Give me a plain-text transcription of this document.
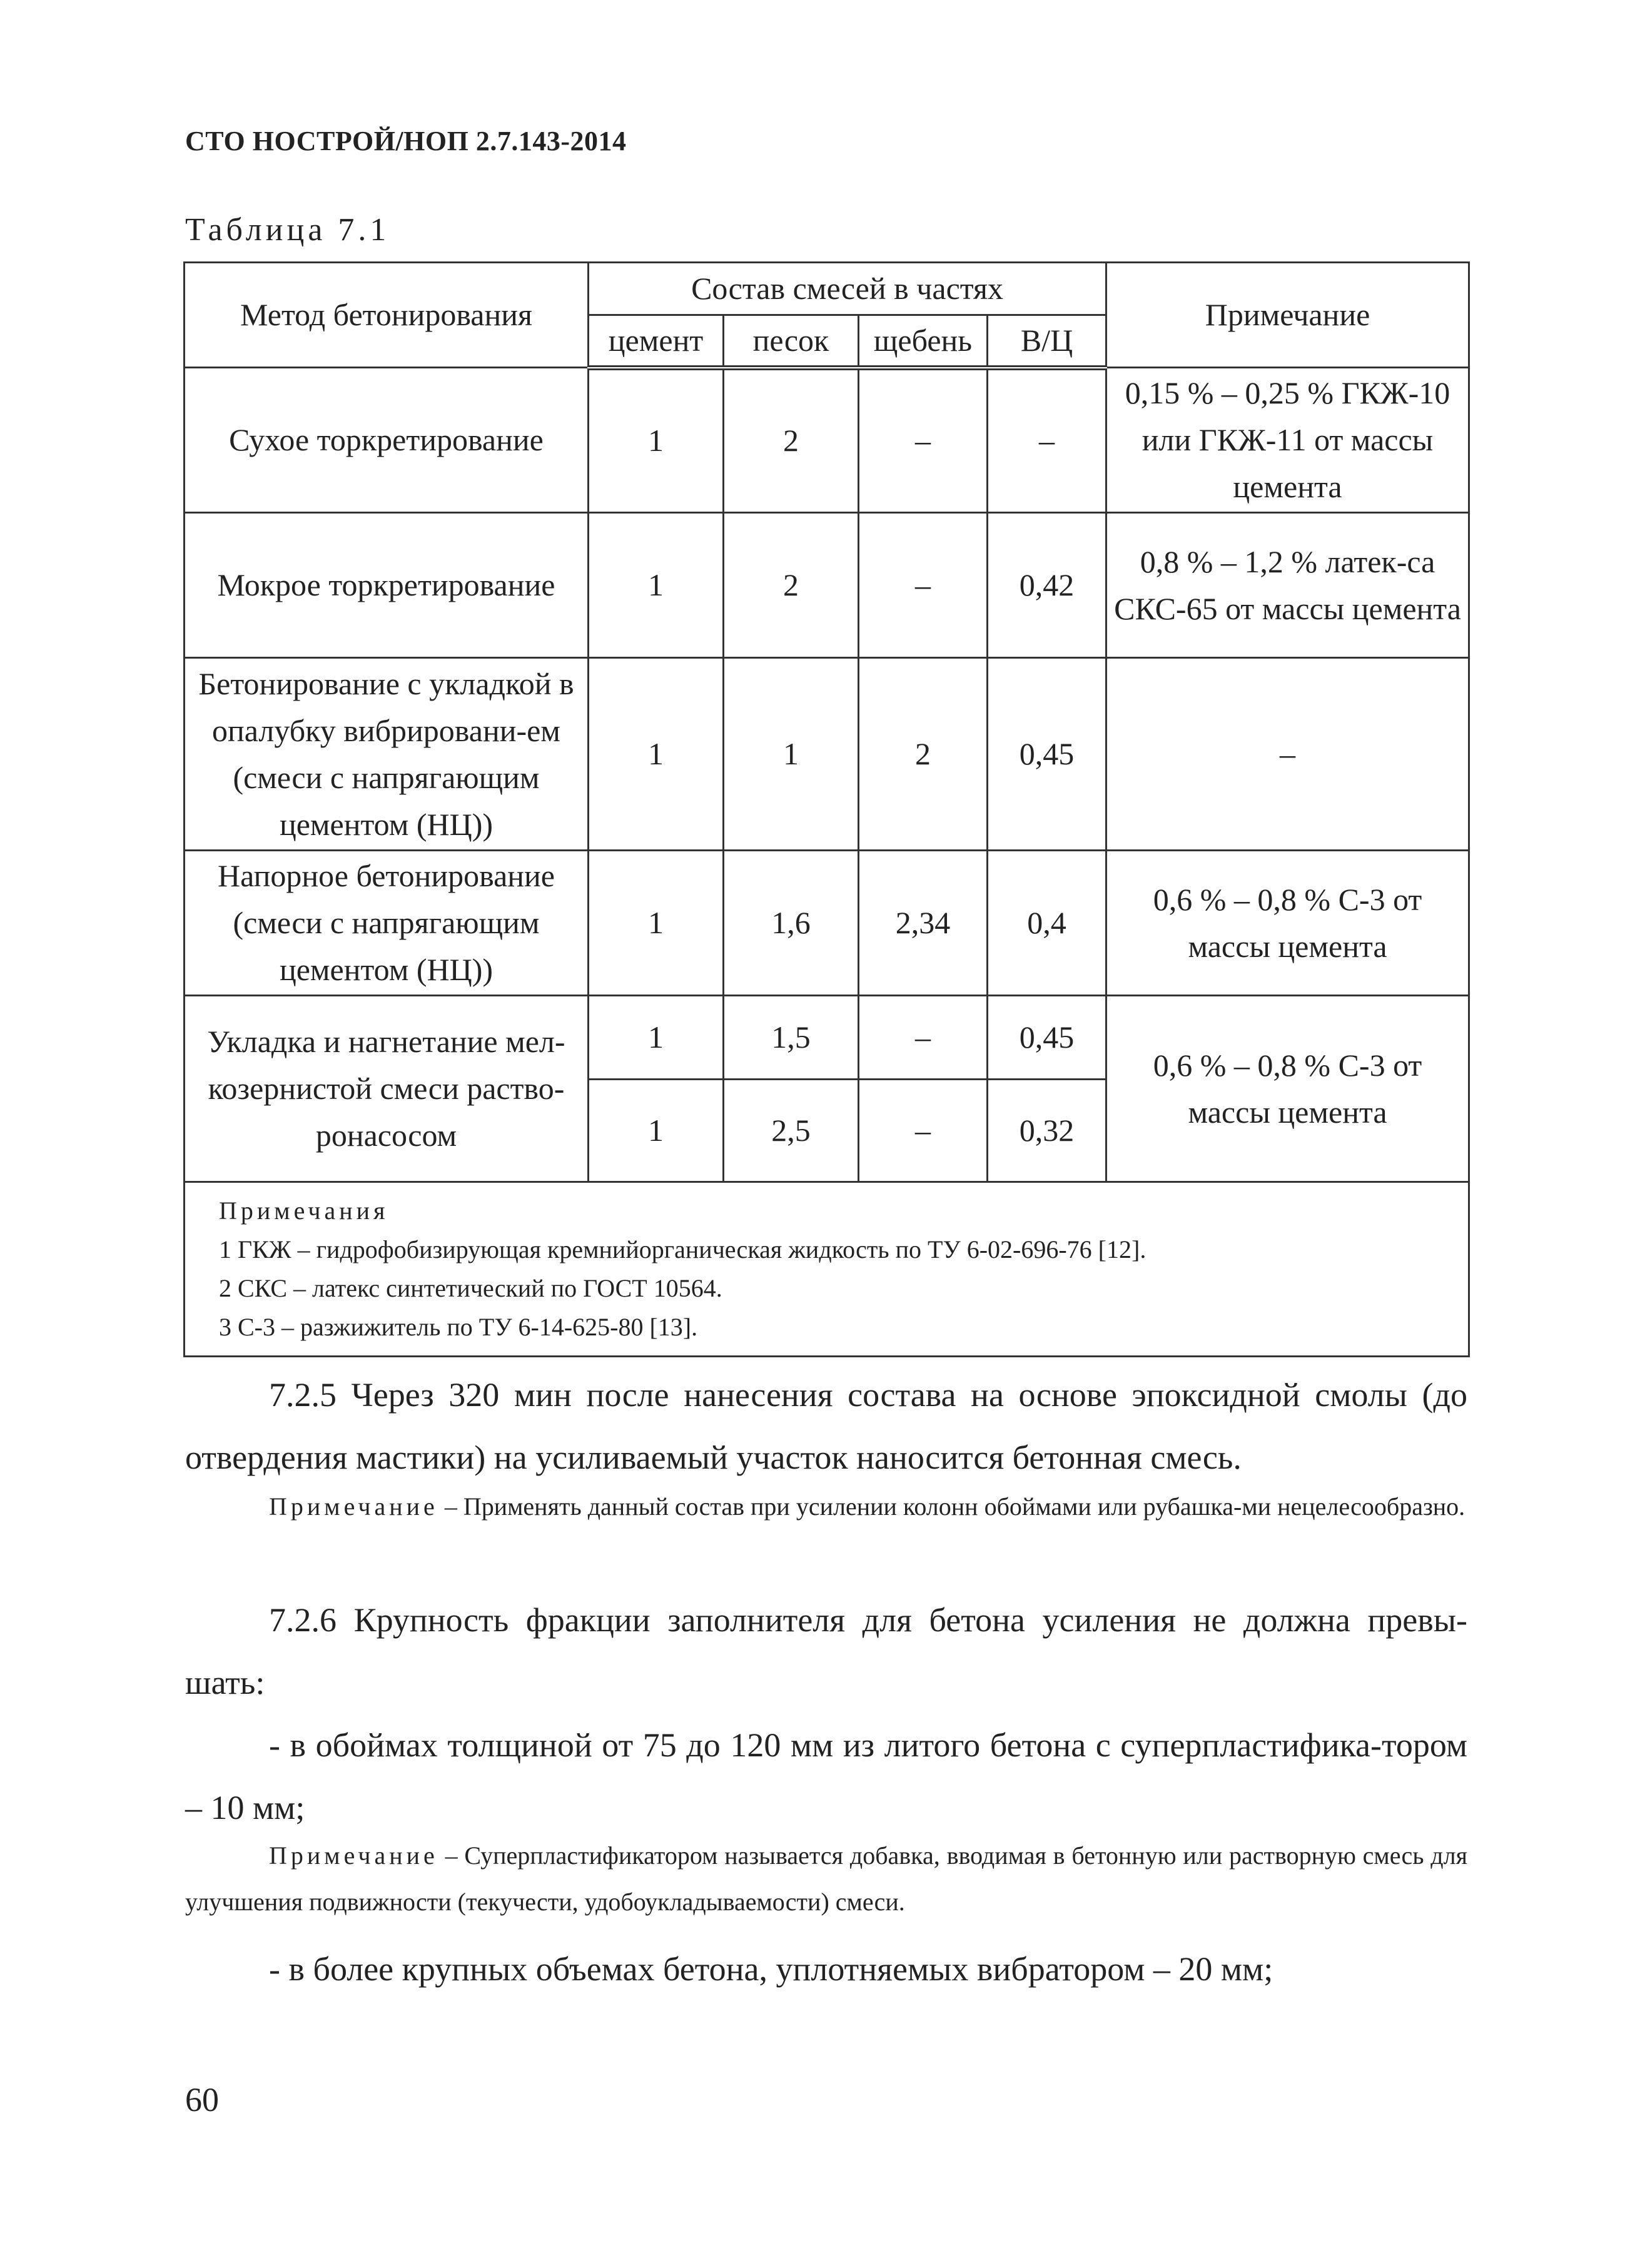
СТО НОСТРОЙ/НОП 2.7.143-2014
Таблица 7.1
Метод бетонирования	Состав смесей в частях				Примечание
	цемент	песок	щебень	В/Ц	
Сухое торкретирование	1	2	–	–	0,15 % – 0,25 % ГКЖ-10 или ГКЖ-11 от массы цемента
Мокрое торкретирование	1	2	–	0,42	0,8 % – 1,2 % латек-са СКС-65 от массы цемента
Бетонирование с укладкой в опалубку вибрировани-ем (смеси с напрягающим цементом (НЦ))	1	1	2	0,45	–
Напорное бетонирование (смеси с напрягающим цементом (НЦ))	1	1,6	2,34	0,4	0,6 % – 0,8 % С-3 от массы цемента
Укладка и нагнетание мел-козернистой смеси раство-ронасосом	1	1,5	–	0,45	0,6 % – 0,8 % С-3 от массы цемента
	1	2,5	–	0,32	

Примечания
1 ГКЖ – гидрофобизирующая кремнийорганическая жидкость по ТУ 6-02-696-76 [12].
2 СКС – латекс синтетический по ГОСТ 10564.
3 С-3 – разжижитель по ТУ 6-14-625-80 [13].					
7.2.5 Через 320 мин после нанесения состава на основе эпоксидной смолы (до отвердения мастики) на усиливаемый участок наносится бетонная смесь.
Примечание – Применять данный состав при усилении колонн обоймами или рубашка-ми нецелесообразно.
7.2.6 Крупность фракции заполнителя для бетона усиления не должна превы-шать:
- в обоймах толщиной от 75 до 120 мм из литого бетона с суперпластифика-тором – 10 мм;
Примечание – Суперпластификатором называется добавка, вводимая в бетонную или растворную смесь для улучшения подвижности (текучести, удобоукладываемости) смеси.
- в более крупных объемах бетона, уплотняемых вибратором – 20 мм;
60
